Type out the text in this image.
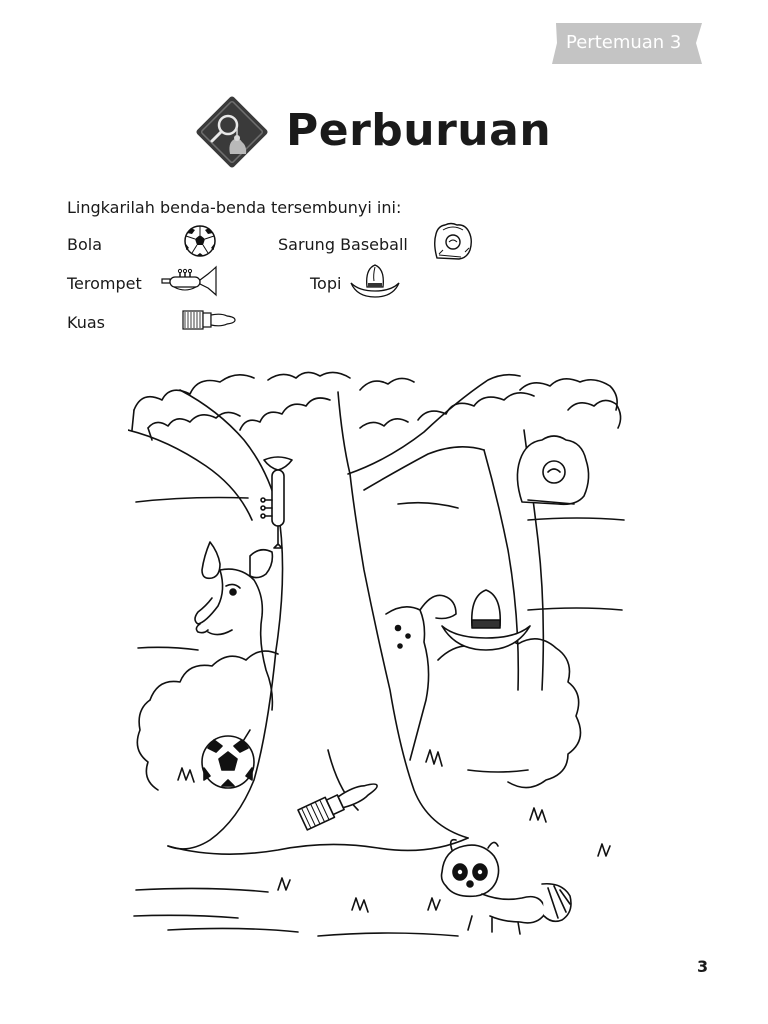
Pertemuan 3
Perburuan
Lingkarilah benda-benda tersembunyi ini:
Bola	Sarung Baseball
Terompet	Topi
Kuas
3
